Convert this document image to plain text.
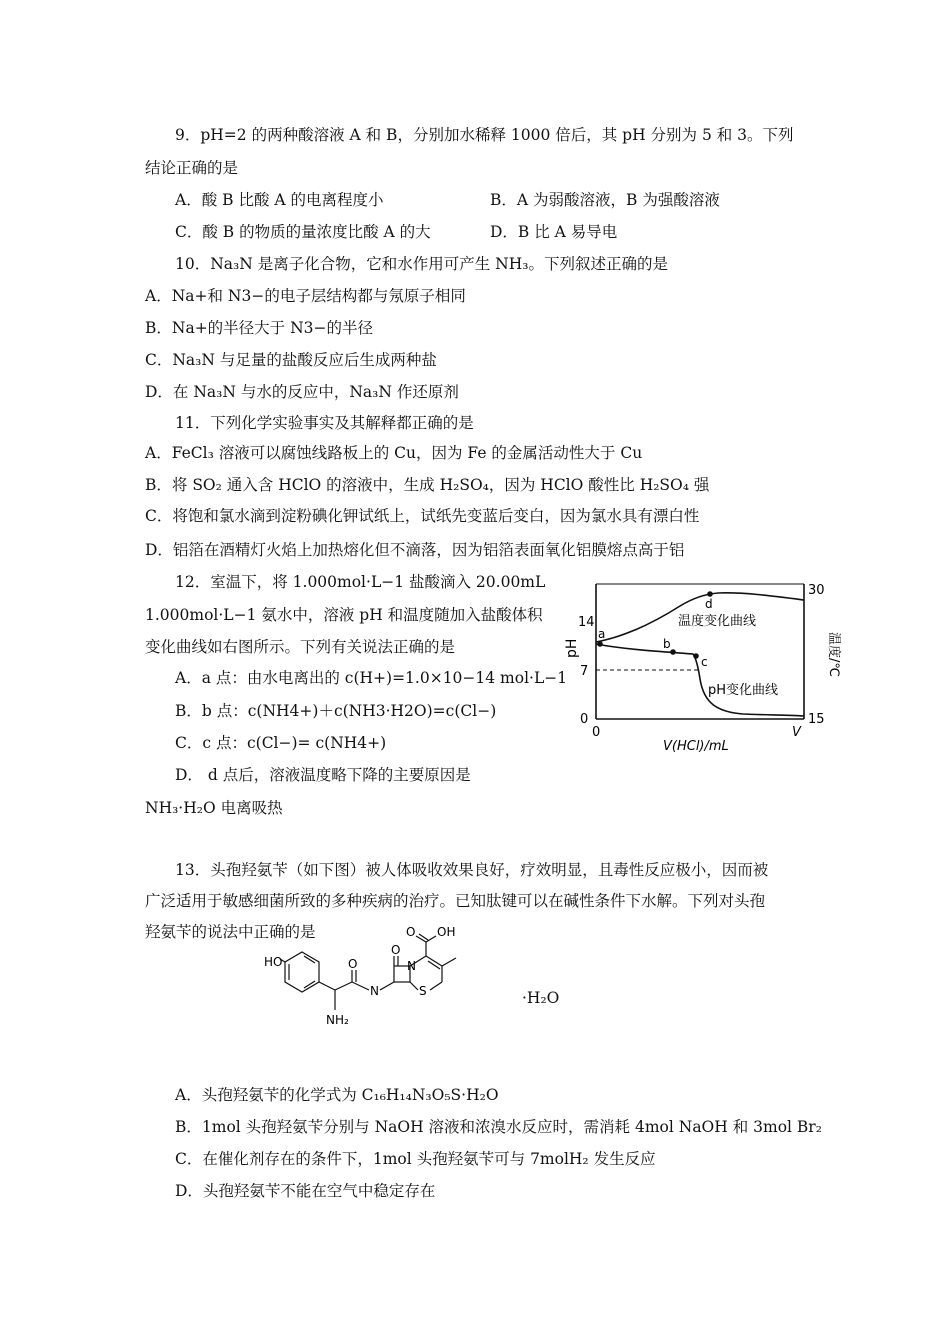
9．pH=2 的两种酸溶液 A 和 B，分别加水稀释 1000 倍后，其 pH 分别为 5 和 3。下列
结论正确的是
A．酸 B 比酸 A 的电离程度小	B．A 为弱酸溶液，B 为强酸溶液
C．酸 B 的物质的量浓度比酸 A 的大	D．B 比 A 易导电
10．Na₃N 是离子化合物，它和水作用可产生 NH₃。下列叙述正确的是
A．Na+和 N3−的电子层结构都与氖原子相同
B．Na+的半径大于 N3−的半径
C．Na₃N 与足量的盐酸反应后生成两种盐
D．在 Na₃N 与水的反应中，Na₃N 作还原剂
11．下列化学实验事实及其解释都正确的是
A．FeCl₃ 溶液可以腐蚀线路板上的 Cu，因为 Fe 的金属活动性大于 Cu
B．将 SO₂ 通入含 HClO 的溶液中，生成 H₂SO₄，因为 HClO 酸性比 H₂SO₄ 强
C．将饱和氯水滴到淀粉碘化钾试纸上，试纸先变蓝后变白，因为氯水具有漂白性
D．铝箔在酒精灯火焰上加热熔化但不滴落，因为铝箔表面氧化铝膜熔点高于铝
12．室温下，将 1.000mol·L−1 盐酸滴入 20.00mL
1.000mol·L−1 氨水中，溶液 pH 和温度随加入盐酸体积
变化曲线如右图所示。下列有关说法正确的是
A．a 点：由水电离出的 c(H+)=1.0×10−14 mol·L−1
B．b 点：c(NH4+)＋c(NH3·H2O)=c(Cl−)
C．c 点：c(Cl−)= c(NH4+)
D． d 点后，溶液温度略下降的主要原因是
NH₃·H₂O 电离吸热
pH	温度/℃
14
7
0
30
15
0	V
V(HCl)/mL
a
b
c
d
温度变化曲线
pH变化曲线
13．头孢羟氨苄（如下图）被人体吸收效果良好，疗效明显，且毒性反应极小，因而被
广泛适用于敏感细菌所致的多种疾病的治疗。已知肽键可以在碱性条件下水解。下列对头孢
羟氨苄的说法中正确的是
HO
NH₂
O
N
O
N
S
O OH
·H₂O
A．头孢羟氨苄的化学式为 C₁₆H₁₄N₃O₅S·H₂O
B．1mol 头孢羟氨苄分别与 NaOH 溶液和浓溴水反应时，需消耗 4mol NaOH 和 3mol Br₂
C．在催化剂存在的条件下，1mol 头孢羟氨苄可与 7molH₂ 发生反应
D．头孢羟氨苄不能在空气中稳定存在
